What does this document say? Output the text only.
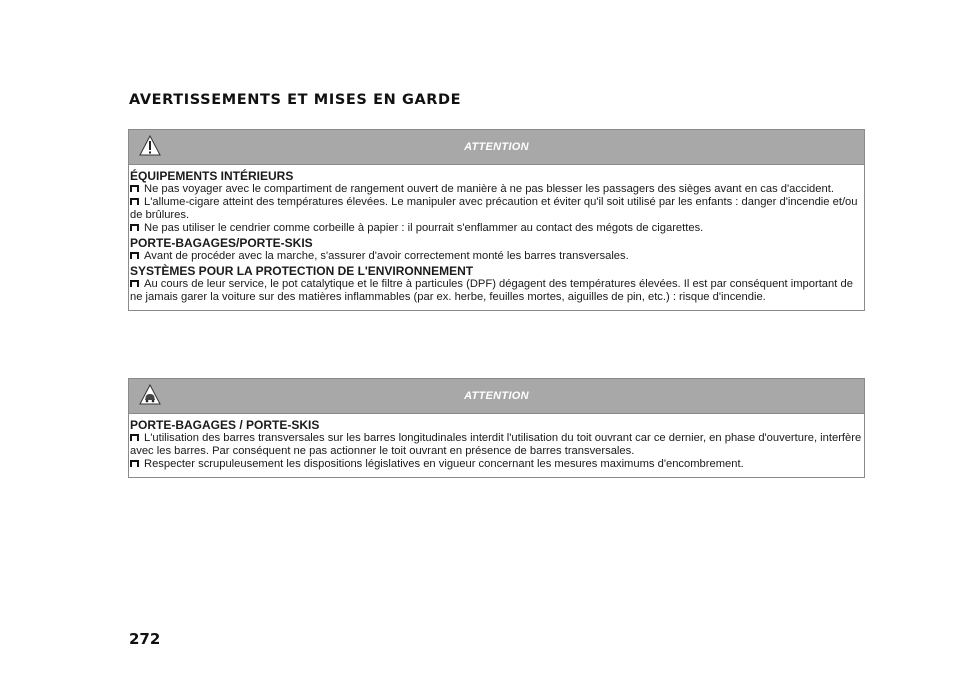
AVERTISSEMENTS ET MISES EN GARDE
ATTENTION
ÉQUIPEMENTS INTÉRIEURS
Ne pas voyager avec le compartiment de rangement ouvert de manière à ne pas blesser les passagers des sièges avant en cas d'accident.
L'allume-cigare atteint des températures élevées. Le manipuler avec précaution et éviter qu'il soit utilisé par les enfants : danger d'incendie et/ou de brûlures.
Ne pas utiliser le cendrier comme corbeille à papier : il pourrait s'enflammer au contact des mégots de cigarettes.
PORTE-BAGAGES/PORTE-SKIS
Avant de procéder avec la marche, s'assurer d'avoir correctement monté les barres transversales.
SYSTÈMES POUR LA PROTECTION DE L'ENVIRONNEMENT
Au cours de leur service, le pot catalytique et le filtre à particules (DPF) dégagent des températures élevées. Il est par conséquent important de ne jamais garer la voiture sur des matières inflammables (par ex. herbe, feuilles mortes, aiguilles de pin, etc.) : risque d'incendie.
ATTENTION
PORTE-BAGAGES / PORTE-SKIS
L'utilisation des barres transversales sur les barres longitudinales interdit l'utilisation du toit ouvrant car ce dernier, en phase d'ouverture, interfère avec les barres. Par conséquent ne pas actionner le toit ouvrant en présence de barres transversales.
Respecter scrupuleusement les dispositions législatives en vigueur concernant les mesures maximums d'encombrement.
272
